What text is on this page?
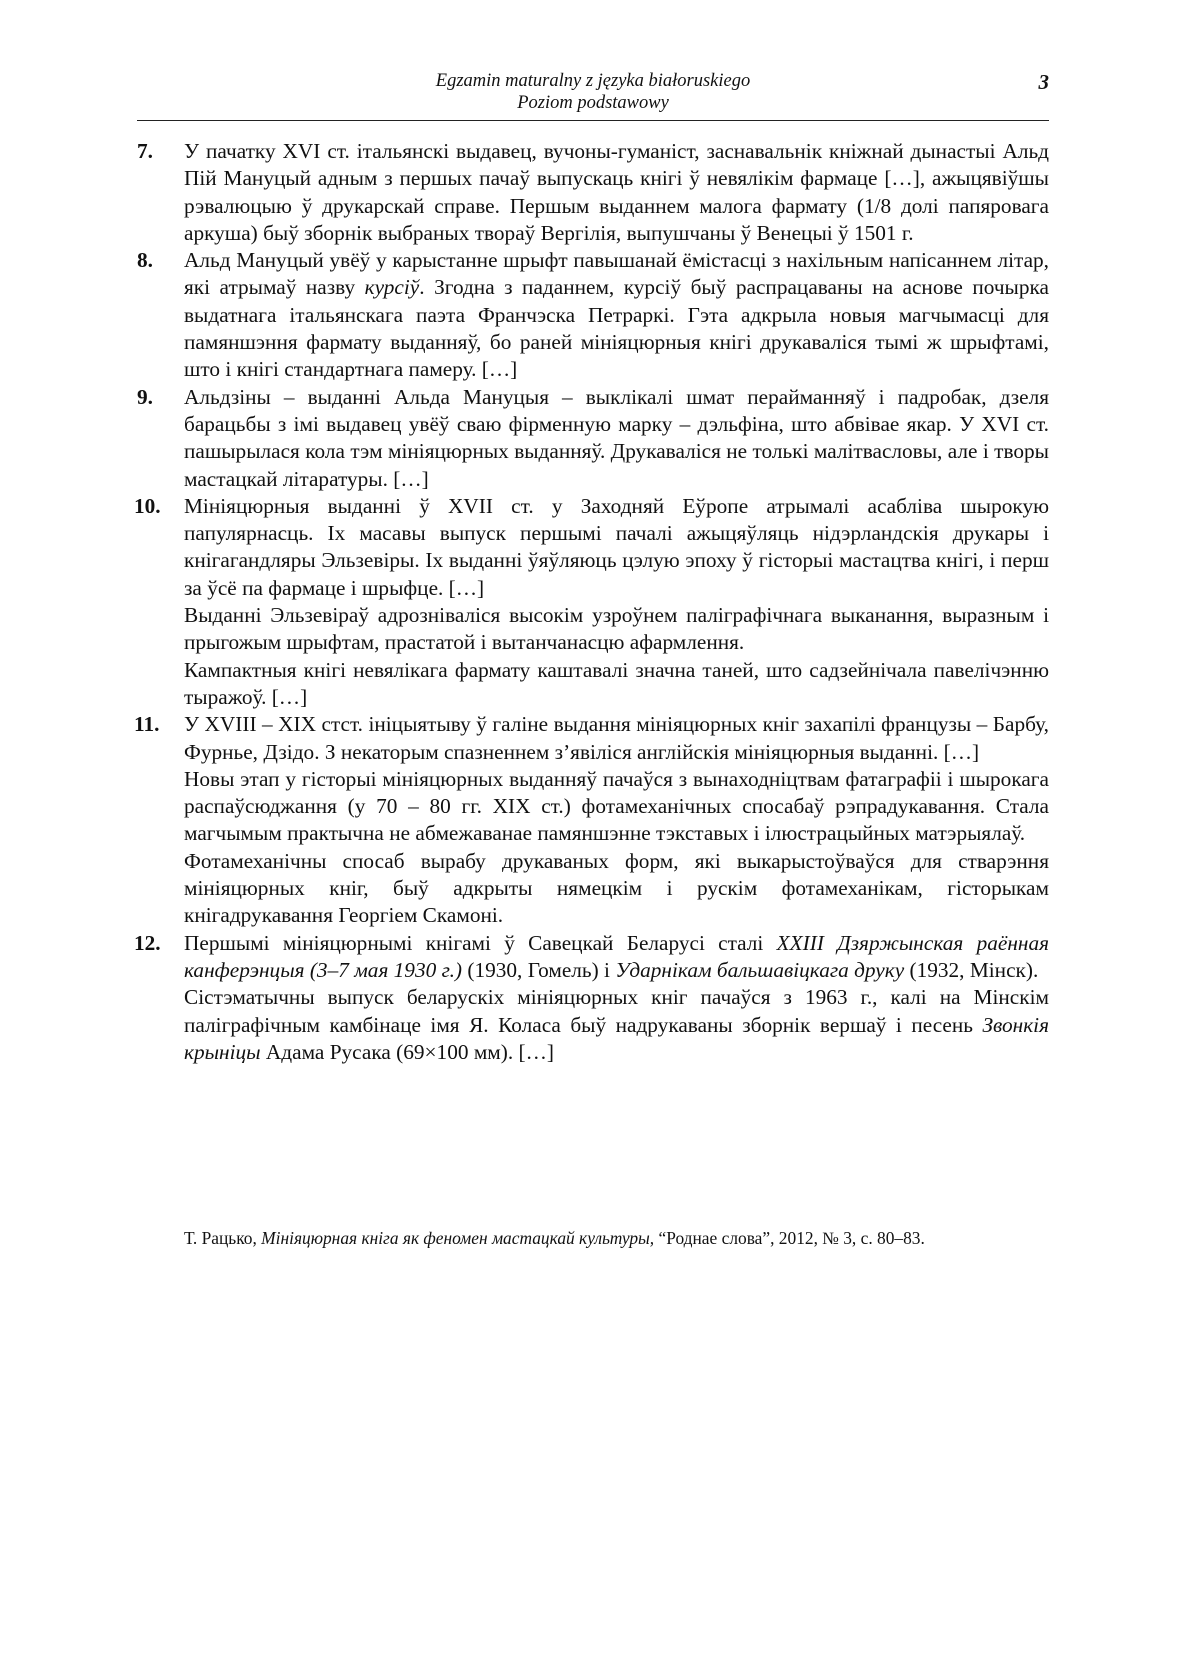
Egzamin maturalny z języka białoruskiego
Poziom podstawowy
3
7.	У пачатку XVI ст. італьянскі выдавец, вучоны-гуманіст, заснавальнік кніжнай дынастыі Альд Пій Мануцый адным з першых пачаў выпускаць кнігі ў невялікім фармаце […], ажыцявіўшы рэвалюцыю ў друкарскай справе. Першым выданнем малога фармату (1/8 долі папяровага аркуша) быў зборнік выбраных твораў Вергілія, выпушчаны ў Венецыі ў 1501 г.

8.	Альд Мануцый увёў у карыстанне шрыфт павышанай ёмістасці з нахільным напісаннем літар, які атрымаў назву курсіў. Згодна з паданнем, курсіў быў распрацаваны на аснове почырка выдатнага італьянскага паэта Франчэска Петраркі. Гэта адкрыла новыя магчымасці для памяншэння фармату выданняў, бо раней мініяцюрныя кнігі друкаваліся тымі ж шрыфтамі, што і кнігі стандартнага памеру. […]

9.	Альдзіны – выданні Альда Мануцыя – выклікалі шмат перайманняў і падробак, дзеля барацьбы з імі выдавец увёў сваю фірменную марку – дэльфіна, што абвівае якар. У XVI ст. пашырылася кола тэм мініяцюрных выданняў. Друкаваліся не толькі малітвасловы, але і творы мастацкай літаратуры. […]

10.	Мініяцюрныя выданні ў XVII ст. у Заходняй Еўропе атрымалі асабліва шырокую папулярнасць. Іх масавы выпуск першымі пачалі ажыцяўляць нідэрландскія друкары і кнігагандляры Эльзевіры. Іх выданні ўяўляюць цэлую эпоху ў гісторыі мастацтва кнігі, і перш за ўсё па фармаце і шрыфце. […]

Выданні Эльзевіраў адрозніваліся высокім узроўнем паліграфічнага выканання, выразным і прыгожым шрыфтам, прастатой і вытанчанасцю афармлення.

Кампактныя кнігі невялікага фармату каштавалі значна таней, што садзейнічала павелічэнню тыражоў. […]

11.	У XVIII – XIX стст. ініцыятыву ў галіне выдання мініяцюрных кніг захапілі французы – Барбу, Фурнье, Дзідо. З некаторым спазненнем з’явіліся англійскія мініяцюрныя выданні. […]

Новы этап у гісторыі мініяцюрных выданняў пачаўся з вынаходніцтвам фатаграфіі і шырокага распаўсюджання (у 70 – 80 гг. XIX ст.) фотамеханічных спосабаў рэпрадукавання. Стала магчымым практычна не абмежаванае памяншэнне тэкставых і ілюстрацыйных матэрыялаў.

Фотамеханічны спосаб вырабу друкаваных форм, які выкарыстоўваўся для стварэння мініяцюрных кніг, быў адкрыты нямецкім і рускім фотамеханікам, гісторыкам кнігадрукавання Георгіем Скамоні.

12.	Першымі мініяцюрнымі кнігамі ў Савецкай Беларусі сталі XXIII Дзяржынская раённая канферэнцыя (3–7 мая 1930 г.) (1930, Гомель) і Ударнікам бальшавіцкага друку (1932, Мінск).

Сістэматычны выпуск беларускіх мініяцюрных кніг пачаўся з 1963 г., калі на Мінскім паліграфічным камбінаце імя Я. Коласа быў надрукаваны зборнік вершаў і песень Звонкія крыніцы Адама Русака (69×100 мм). […]

Т. Рацько, Мініяцюрная кніга як феномен мастацкай культуры, “Роднае слова”, 2012, № 3, с. 80–83.
